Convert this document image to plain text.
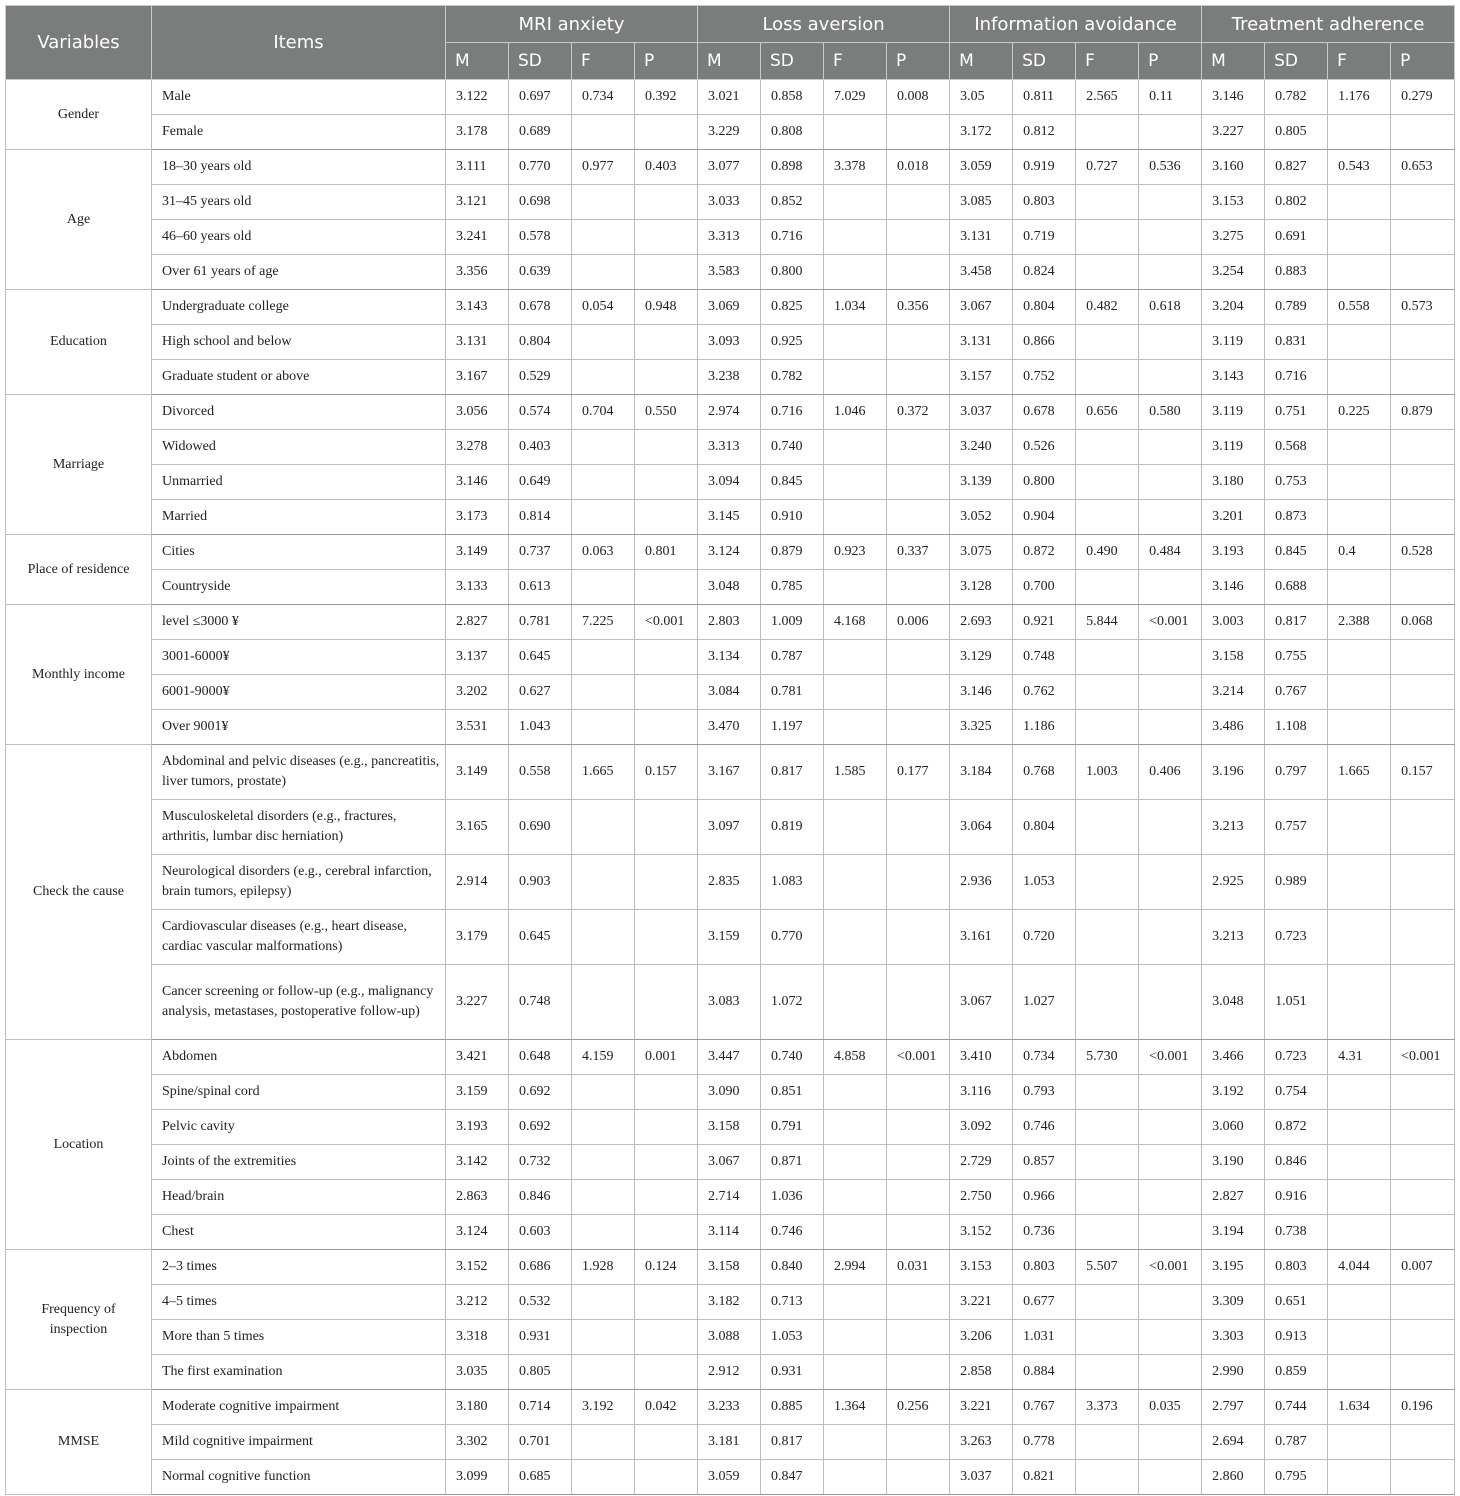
Variables	Items	MRI anxiety				Loss aversion				Information avoidance				Treatment adherence			
		M	SD	F	P	M	SD	F	P	M	SD	F	P	M	SD	F	P
Gender	Male	3.122	0.697	0.734	0.392	3.021	0.858	7.029	0.008	3.05	0.811	2.565	0.11	3.146	0.782	1.176	0.279
	Female	3.178	0.689			3.229	0.808			3.172	0.812			3.227	0.805		
Age	18–30 years old	3.111	0.770	0.977	0.403	3.077	0.898	3.378	0.018	3.059	0.919	0.727	0.536	3.160	0.827	0.543	0.653
	31–45 years old	3.121	0.698			3.033	0.852			3.085	0.803			3.153	0.802		
	46–60 years old	3.241	0.578			3.313	0.716			3.131	0.719			3.275	0.691		
	Over 61 years of age	3.356	0.639			3.583	0.800			3.458	0.824			3.254	0.883		
Education	Undergraduate college	3.143	0.678	0.054	0.948	3.069	0.825	1.034	0.356	3.067	0.804	0.482	0.618	3.204	0.789	0.558	0.573
	High school and below	3.131	0.804			3.093	0.925			3.131	0.866			3.119	0.831		
	Graduate student or above	3.167	0.529			3.238	0.782			3.157	0.752			3.143	0.716		
Marriage	Divorced	3.056	0.574	0.704	0.550	2.974	0.716	1.046	0.372	3.037	0.678	0.656	0.580	3.119	0.751	0.225	0.879
	Widowed	3.278	0.403			3.313	0.740			3.240	0.526			3.119	0.568		
	Unmarried	3.146	0.649			3.094	0.845			3.139	0.800			3.180	0.753		
	Married	3.173	0.814			3.145	0.910			3.052	0.904			3.201	0.873		
Place of residence	Cities	3.149	0.737	0.063	0.801	3.124	0.879	0.923	0.337	3.075	0.872	0.490	0.484	3.193	0.845	0.4	0.528
	Countryside	3.133	0.613			3.048	0.785			3.128	0.700			3.146	0.688		
Monthly income	level ≤3000 ¥	2.827	0.781	7.225	<0.001	2.803	1.009	4.168	0.006	2.693	0.921	5.844	<0.001	3.003	0.817	2.388	0.068
	3001-6000¥	3.137	0.645			3.134	0.787			3.129	0.748			3.158	0.755		
	6001-9000¥	3.202	0.627			3.084	0.781			3.146	0.762			3.214	0.767		
	Over 9001¥	3.531	1.043			3.470	1.197			3.325	1.186			3.486	1.108		
Check the cause	Abdominal and pelvic diseases (e.g., pancreatitis, liver tumors, prostate)	3.149	0.558	1.665	0.157	3.167	0.817	1.585	0.177	3.184	0.768	1.003	0.406	3.196	0.797	1.665	0.157
	Musculoskeletal disorders (e.g., fractures, arthritis, lumbar disc herniation)	3.165	0.690			3.097	0.819			3.064	0.804			3.213	0.757		
	Neurological disorders (e.g., cerebral infarction, brain tumors, epilepsy)	2.914	0.903			2.835	1.083			2.936	1.053			2.925	0.989		
	Cardiovascular diseases (e.g., heart disease, cardiac vascular malformations)	3.179	0.645			3.159	0.770			3.161	0.720			3.213	0.723		
	Cancer screening or follow-up (e.g., malignancy analysis, metastases, postoperative follow-up)	3.227	0.748			3.083	1.072			3.067	1.027			3.048	1.051		
Location	Abdomen	3.421	0.648	4.159	0.001	3.447	0.740	4.858	<0.001	3.410	0.734	5.730	<0.001	3.466	0.723	4.31	<0.001
	Spine/spinal cord	3.159	0.692			3.090	0.851			3.116	0.793			3.192	0.754		
	Pelvic cavity	3.193	0.692			3.158	0.791			3.092	0.746			3.060	0.872		
	Joints of the extremities	3.142	0.732			3.067	0.871			2.729	0.857			3.190	0.846		
	Head/brain	2.863	0.846			2.714	1.036			2.750	0.966			2.827	0.916		
	Chest	3.124	0.603			3.114	0.746			3.152	0.736			3.194	0.738		
Frequency of inspection	2–3 times	3.152	0.686	1.928	0.124	3.158	0.840	2.994	0.031	3.153	0.803	5.507	<0.001	3.195	0.803	4.044	0.007
	4–5 times	3.212	0.532			3.182	0.713			3.221	0.677			3.309	0.651		
	More than 5 times	3.318	0.931			3.088	1.053			3.206	1.031			3.303	0.913		
	The first examination	3.035	0.805			2.912	0.931			2.858	0.884			2.990	0.859		
MMSE	Moderate cognitive impairment	3.180	0.714	3.192	0.042	3.233	0.885	1.364	0.256	3.221	0.767	3.373	0.035	2.797	0.744	1.634	0.196
	Mild cognitive impairment	3.302	0.701			3.181	0.817			3.263	0.778			2.694	0.787		
	Normal cognitive function	3.099	0.685			3.059	0.847			3.037	0.821			2.860	0.795		
